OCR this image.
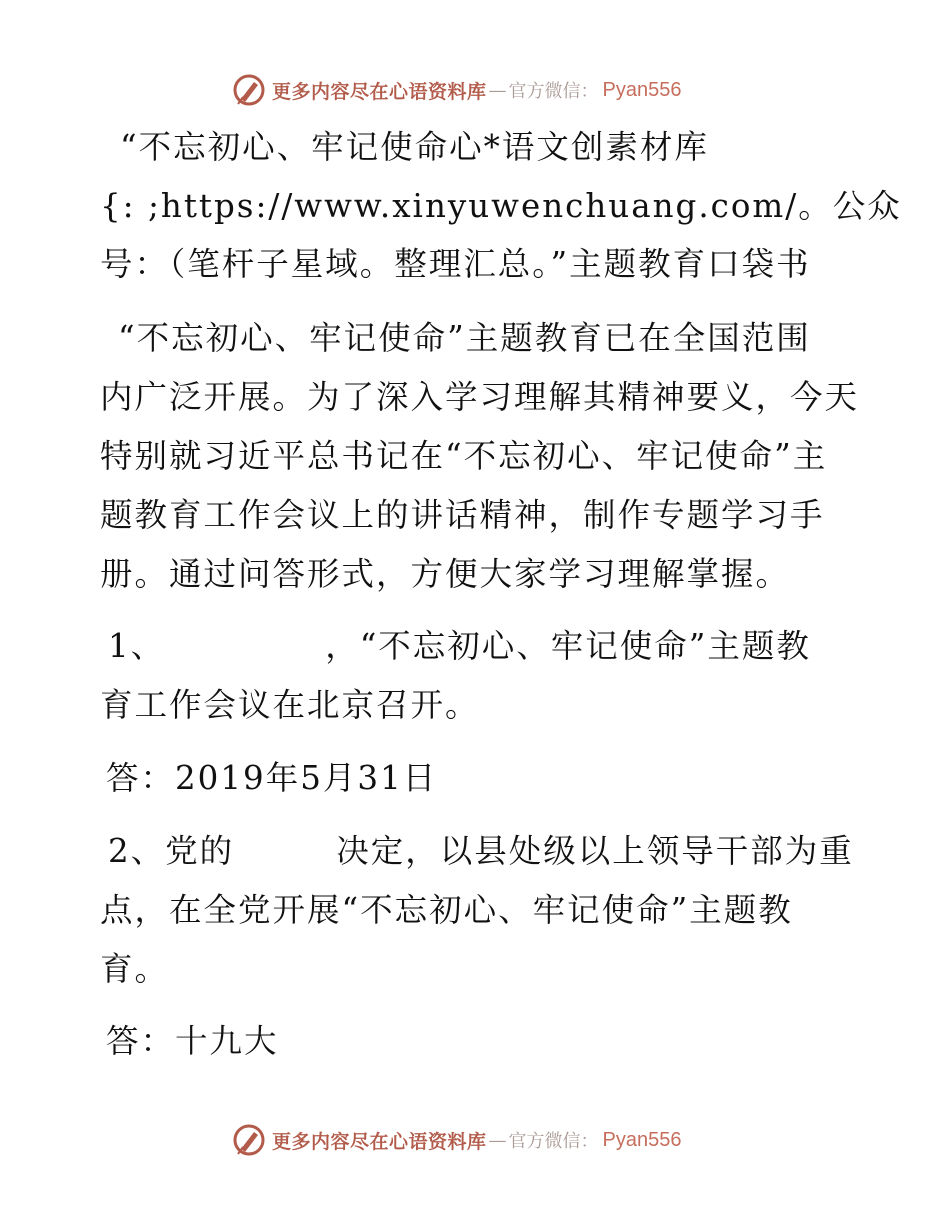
更多内容尽在心语资料库 — 官方微信： Pyan556
“不忘初心、牢记使命心*语文创素材库
{: ;https://www.xinyuwenchuang.com/。公众
号：（笔杆子星域。整理汇总。”主题教育口袋书
“不忘初心、牢记使命”主题教育已在全国范围
内广泛开展。为了深入学习理解其精神要义，今天
特别就习近平总书记在“不忘初心、牢记使命”主
题教育工作会议上的讲话精神，制作专题学习手
册。通过问答形式，方便大家学习理解掌握。
1、	，“不忘初心、牢记使命”主题教
育工作会议在北京召开。
答：2019年5月31日
2、党的	决定，以县处级以上领导干部为重
点，在全党开展“不忘初心、牢记使命”主题教
育。
答：十九大
更多内容尽在心语资料库 — 官方微信： Pyan556
